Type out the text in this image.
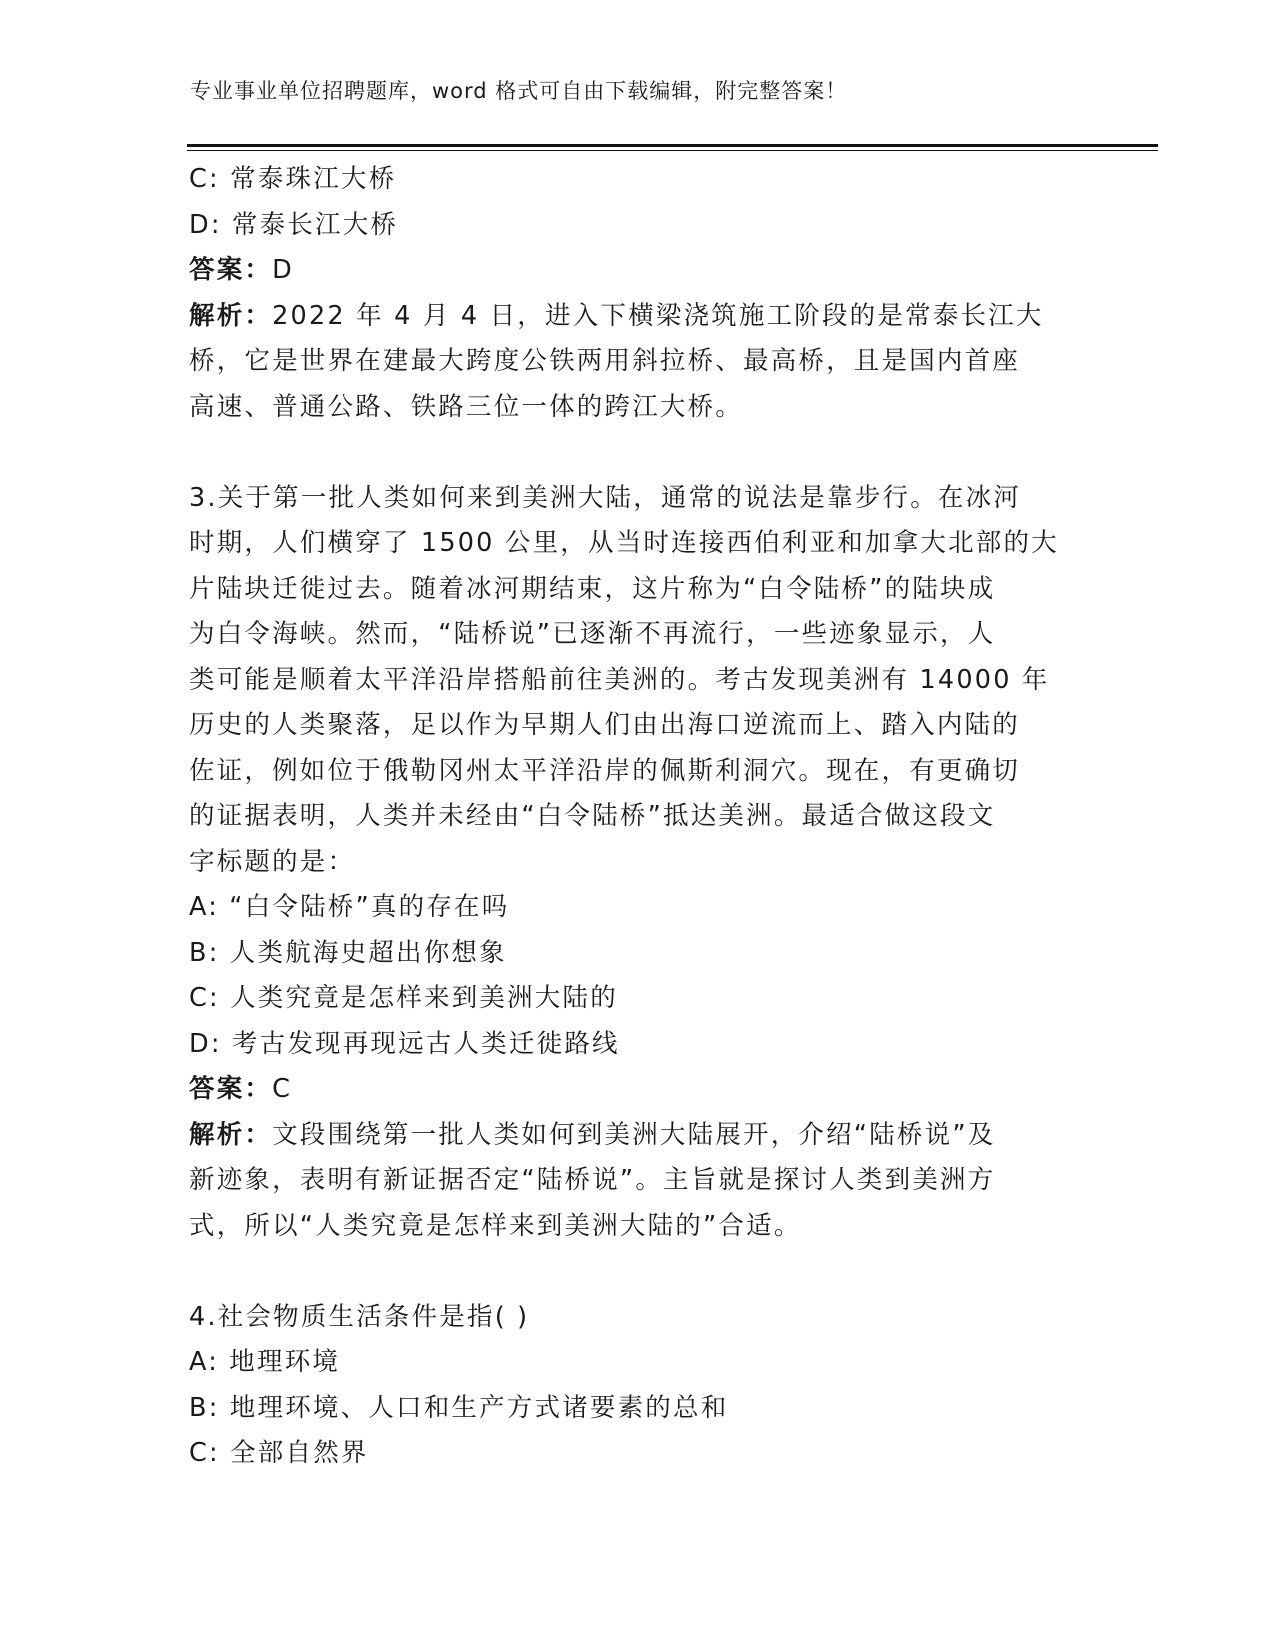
专业事业单位招聘题库，word 格式可自由下载编辑，附完整答案！
C: 常泰珠江大桥
D: 常泰长江大桥
答案：D
解析：2022 年 4 月 4 日，进入下横梁浇筑施工阶段的是常泰长江大
桥，它是世界在建最大跨度公铁两用斜拉桥、最高桥，且是国内首座
高速、普通公路、铁路三位一体的跨江大桥。
3.关于第一批人类如何来到美洲大陆，通常的说法是靠步行。在冰河
时期，人们横穿了 1500 公里，从当时连接西伯利亚和加拿大北部的大
片陆块迁徙过去。随着冰河期结束，这片称为“白令陆桥”的陆块成
为白令海峡。然而，“陆桥说”已逐渐不再流行，一些迹象显示，人
类可能是顺着太平洋沿岸搭船前往美洲的。考古发现美洲有 14000 年
历史的人类聚落，足以作为早期人们由出海口逆流而上、踏入内陆的
佐证，例如位于俄勒冈州太平洋沿岸的佩斯利洞穴。现在，有更确切
的证据表明，人类并未经由“白令陆桥”抵达美洲。最适合做这段文
字标题的是：
A: “白令陆桥”真的存在吗
B: 人类航海史超出你想象
C: 人类究竟是怎样来到美洲大陆的
D: 考古发现再现远古人类迁徙路线
答案：C
解析：文段围绕第一批人类如何到美洲大陆展开，介绍“陆桥说”及
新迹象，表明有新证据否定“陆桥说”。主旨就是探讨人类到美洲方
式，所以“人类究竟是怎样来到美洲大陆的”合适。
4.社会物质生活条件是指( )
A: 地理环境
B: 地理环境、人口和生产方式诸要素的总和
C: 全部自然界
